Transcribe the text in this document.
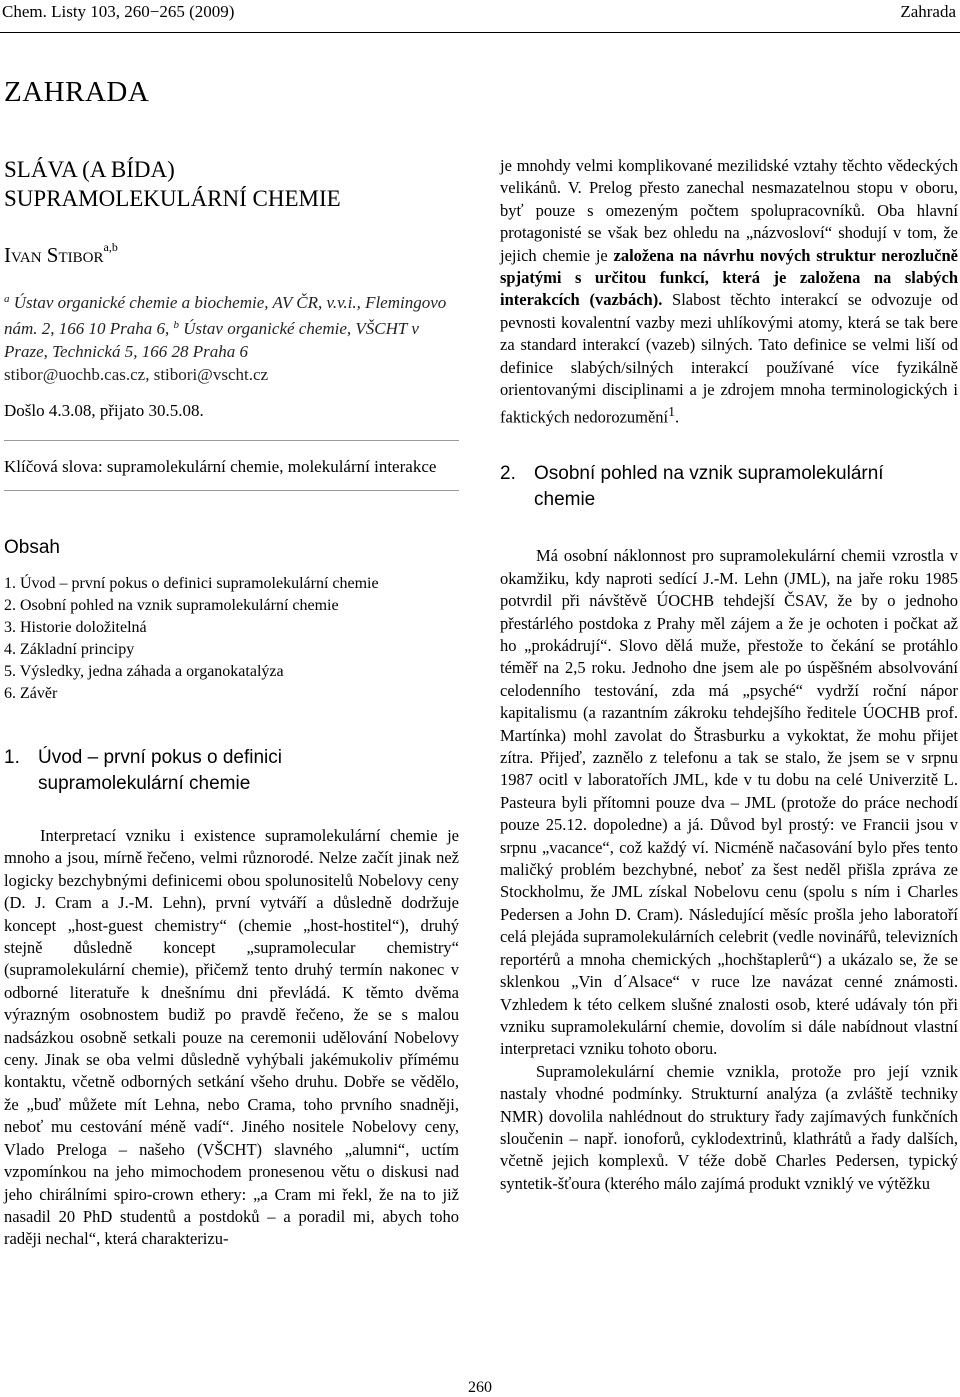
Chem. Listy 103, 260−265 (2009)	Zahrada
ZAHRADA
SLÁVA (A BÍDA)
SUPRAMOLEKULÁRNÍ CHEMIE
Ivan Stibor$^{a,b}$
$^a$ Ústav organické chemie a biochemie, AV ČR, v.v.i., Flemingovo nám. 2, 166 10 Praha 6, $^b$ Ústav organické chemie, VŠCHT v Praze, Technická 5, 166 28 Praha 6
stibor@uochb.cas.cz, stibori@vscht.cz
Došlo 4.3.08, přijato 30.5.08.
Klíčová slova: supramolekulární chemie, molekulární interakce
Obsah
1. Úvod – první pokus o definici supramolekulární chemie
2. Osobní pohled na vznik supramolekulární chemie
3. Historie doložitelná
4. Základní principy
5. Výsledky, jedna záhada a organokatalýza
6. Závěr
1. Úvod – první pokus o definici
supramolekulární chemie

Interpretací vzniku i existence supramolekulární chemie je mnoho a jsou, mírně řečeno, velmi různorodé. Nelze začít jinak než logicky bezchybnými definicemi obou spolunositelů Nobelovy ceny (D. J. Cram a J.-M. Lehn), první vytváří a důsledně dodržuje koncept „host-guest chemistry“ (chemie „host-hostitel“), druhý stejně důsledně koncept „supramolecular chemistry“ (supramolekulární chemie), přičemž tento druhý termín nakonec v odborné literatuře k dnešnímu dni převládá. K těmto dvěma výrazným osobnostem budiž po pravdě řečeno, že se s malou nadsázkou osobně setkali pouze na ceremonii udělování Nobelovy ceny. Jinak se oba velmi důsledně vyhýbali jakémukoliv přímému kontaktu, včetně odborných setkání všeho druhu. Dobře se vědělo, že „buď můžete mít Lehna, nebo Crama, toho prvního snadněji, neboť mu cestování méně vadí“. Jiného nositele Nobelovy ceny, Vlado Preloga – našeho (VŠCHT) slavného „alumni“, uctím vzpomínkou na jeho mimochodem pronesenou větu o diskusi nad jeho chirálními spiro-crown ethery: „a Cram mi řekl, že na to již nasadil 20 PhD studentů a postdoků – a poradil mi, abych toho raději nechal“, která charakterizu-

je mnohdy velmi komplikované mezilidské vztahy těchto vědeckých velikánů. V. Prelog přesto zanechal nesmazatelnou stopu v oboru, byť pouze s omezeným počtem spolupracovníků. Oba hlavní protagonisté se však bez ohledu na „názvosloví“ shodují v tom, že jejich chemie je založena na návrhu nových struktur nerozlučně spjatými s určitou funkcí, která je založena na slabých interakcích (vazbách). Slabost těchto interakcí se odvozuje od pevnosti kovalentní vazby mezi uhlíkovými atomy, která se tak bere za standard interakcí (vazeb) silných. Tato definice se velmi liší od definice slabých/silných interakcí používané více fyzikálně orientovanými disciplinami a je zdrojem mnoha terminologických i faktických nedorozumění$^1$.

2. Osobní pohled na vznik supramolekulární
chemie

Má osobní náklonnost pro supramolekulární chemii vzrostla v okamžiku, kdy naproti sedící J.-M. Lehn (JML), na jaře roku 1985 potvrdil při návštěvě ÚOCHB tehdejší ČSAV, že by o jednoho přestárlého postdoka z Prahy měl zájem a že je ochoten i počkat až ho „prokádrují“. Slovo dělá muže, přestože to čekání se protáhlo téměř na 2,5 roku. Jednoho dne jsem ale po úspěšném absolvování celodenního testování, zda má „psyché“ vydrží roční nápor kapitalismu (a razantním zákroku tehdejšího ředitele ÚOCHB prof. Martínka) mohl zavolat do Štrasburku a vykoktat, že mohu přijet zítra. Přijeď, zaznělo z telefonu a tak se stalo, že jsem se v srpnu 1987 ocitl v laboratořích JML, kde v tu dobu na celé Univerzitě L. Pasteura byli přítomni pouze dva – JML (protože do práce nechodí pouze 25.12. dopoledne) a já. Důvod byl prostý: ve Francii jsou v srpnu „vacance“, což každý ví. Nicméně načasování bylo přes tento maličký problém bezchybné, neboť za šest neděl přišla zpráva ze Stockholmu, že JML získal Nobelovu cenu (spolu s ním i Charles Pedersen a John D. Cram). Následující měsíc prošla jeho laboratoří celá plejáda supramolekulárních celebrit (vedle novinářů, televizních reportérů a mnoha chemických „hochštaplerů“) a ukázalo se, že se sklenkou „Vin d´Alsace“ v ruce lze navázat cenné známosti. Vzhledem k této celkem slušné znalosti osob, které udávaly tón při vzniku supramolekulární chemie, dovolím si dále nabídnout vlastní interpretaci vzniku tohoto oboru.

Supramolekulární chemie vznikla, protože pro její vznik nastaly vhodné podmínky. Strukturní analýza (a zvláště techniky NMR) dovolila nahlédnout do struktury řady zajímavých funkčních sloučenin – např. ionoforů, cyklodextrinů, klathrátů a řady dalších, včetně jejich komplexů. V téže době Charles Pedersen, typický syntetik-šťoura (kterého málo zajímá produkt vzniklý ve výtěžku

260
